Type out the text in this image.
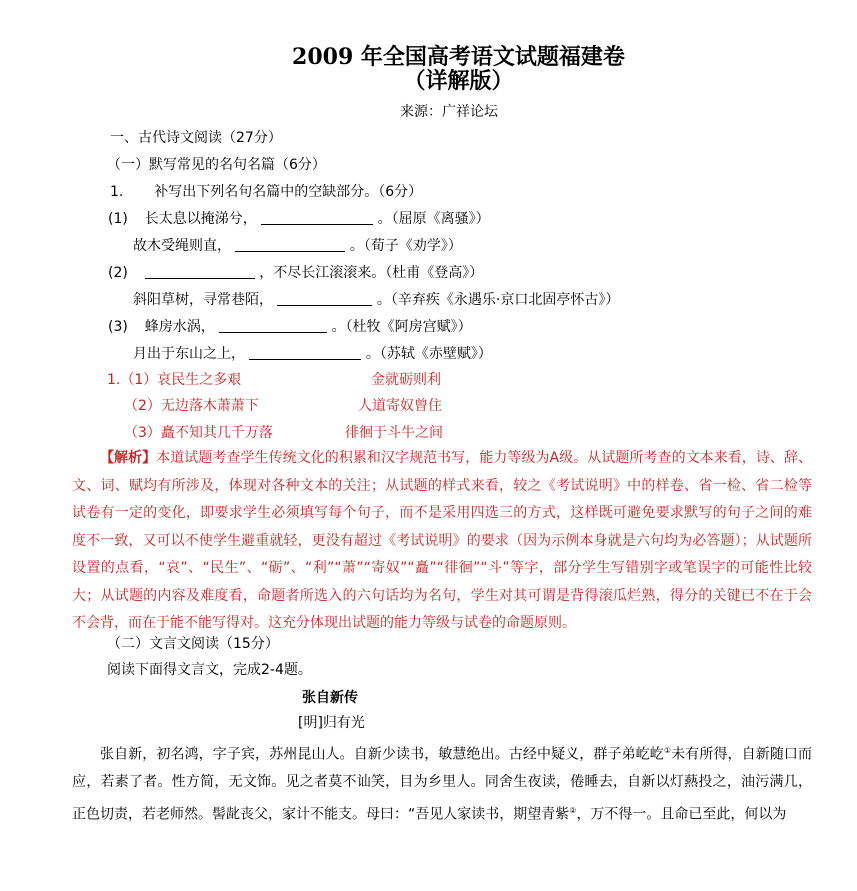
2009 年全国高考语文试题福建卷
（详解版）
来源：广祥论坛
一、古代诗文阅读（27分）
（一）默写常见的名句名篇（6分）
1. 补写出下列名句名篇中的空缺部分。（6分）
(1) 长太息以掩涕兮，	。（屈原《离骚》）
故木受绳则直，	。（荀子《劝学》）
(2)	，不尽长江滚滚来。（杜甫《登高》）
斜阳草树，寻常巷陌，	。（辛弃疾《永遇乐·京口北固亭怀古》）
(3) 蜂房水涡，	。（杜牧《阿房宫赋》）
月出于东山之上，	。（苏轼《赤壁赋》）
1.（1）哀民生之多艰	金就砺则利
（2）无边落木萧萧下	人道寄奴曾住
（3）矗不知其几千万落	徘徊于斗牛之间

【解析】本道试题考查学生传统文化的积累和汉字规范书写，能力等级为A级。从试题所考查的文本来看，诗、辞、文、词、赋均有所涉及，体现对各种文本的关注；从试题的样式来看，较之《考试说明》中的样卷、省一检、省二检等试卷有一定的变化，即要求学生必须填写每个句子，而不是采用四选三的方式，这样既可避免要求默写的句子之间的难度不一致，又可以不使学生避重就轻，更没有超过《考试说明》的要求（因为示例本身就是六句均为必答题）；从试题所设置的点看，“哀”、“民生”、“砺”、“利”“萧”“寄奴”“矗”“徘徊”“斗”等字，部分学生写错别字或笔误字的可能性比较大；从试题的内容及难度看，命题者所选入的六句话均为名句，学生对其可谓是背得滚瓜烂熟，得分的关键已不在于会不会背，而在于能不能写得对。这充分体现出试题的能力等级与试卷的命题原则。

（二）文言文阅读（15分）
阅读下面得文言文，完成2-4题。
张自新传
[明]归有光

张自新，初名鸿，字子宾，苏州昆山人。自新少读书，敏慧绝出。古经中疑义，群子弟屹屹①未有所得，自新随口而应，若素了者。性方简，无文饰。见之者莫不讪笑，目为乡里人。同舍生夜读，倦睡去，自新以灯爇投之，油污满几，正色切责，若老师然。髻龀丧父，家计不能支。母曰：“吾见人家读书，期望青紫②，万不得一。且命已至此，何以为
